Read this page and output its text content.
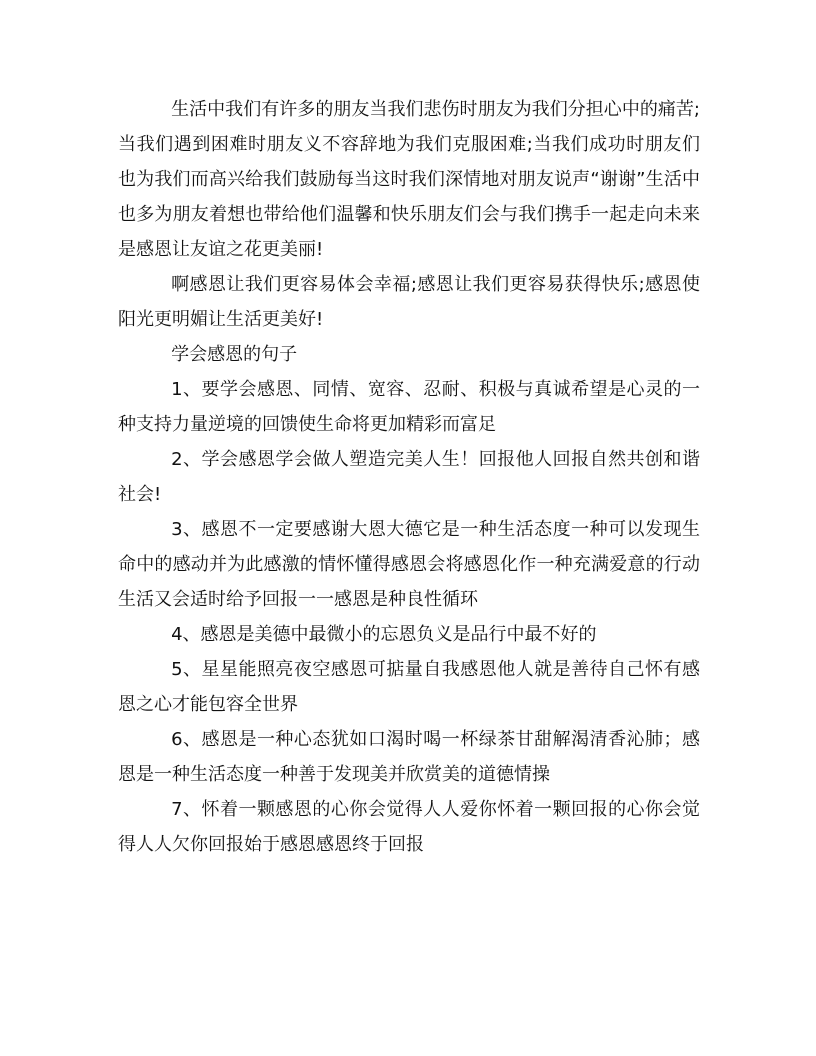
生活中我们有许多的朋友当我们悲伤时朋友为我们分担心中的痛苦;当我们遇到困难时朋友义不容辞地为我们克服困难;当我们成功时朋友们也为我们而高兴给我们鼓励每当这时我们深情地对朋友说声“谢谢”生活中也多为朋友着想也带给他们温馨和快乐朋友们会与我们携手一起走向未来是感恩让友谊之花更美丽!

啊感恩让我们更容易体会幸福;感恩让我们更容易获得快乐;感恩使阳光更明媚让生活更美好!

学会感恩的句子

1、要学会感恩、同情、宽容、忍耐、积极与真诚希望是心灵的一种支持力量逆境的回馈使生命将更加精彩而富足

2、学会感恩学会做人塑造完美人生！回报他人回报自然共创和谐社会!

3、感恩不一定要感谢大恩大德它是一种生活态度一种可以发现生命中的感动并为此感激的情怀懂得感恩会将感恩化作一种充满爱意的行动生活又会适时给予回报一一感恩是种良性循环

4、感恩是美德中最微小的忘恩负义是品行中最不好的

5、星星能照亮夜空感恩可掂量自我感恩他人就是善待自己怀有感恩之心才能包容全世界

6、感恩是一种心态犹如口渴时喝一杯绿茶甘甜解渴清香沁肺；感恩是一种生活态度一种善于发现美并欣赏美的道德情操

7、怀着一颗感恩的心你会觉得人人爱你怀着一颗回报的心你会觉得人人欠你回报始于感恩感恩终于回报
